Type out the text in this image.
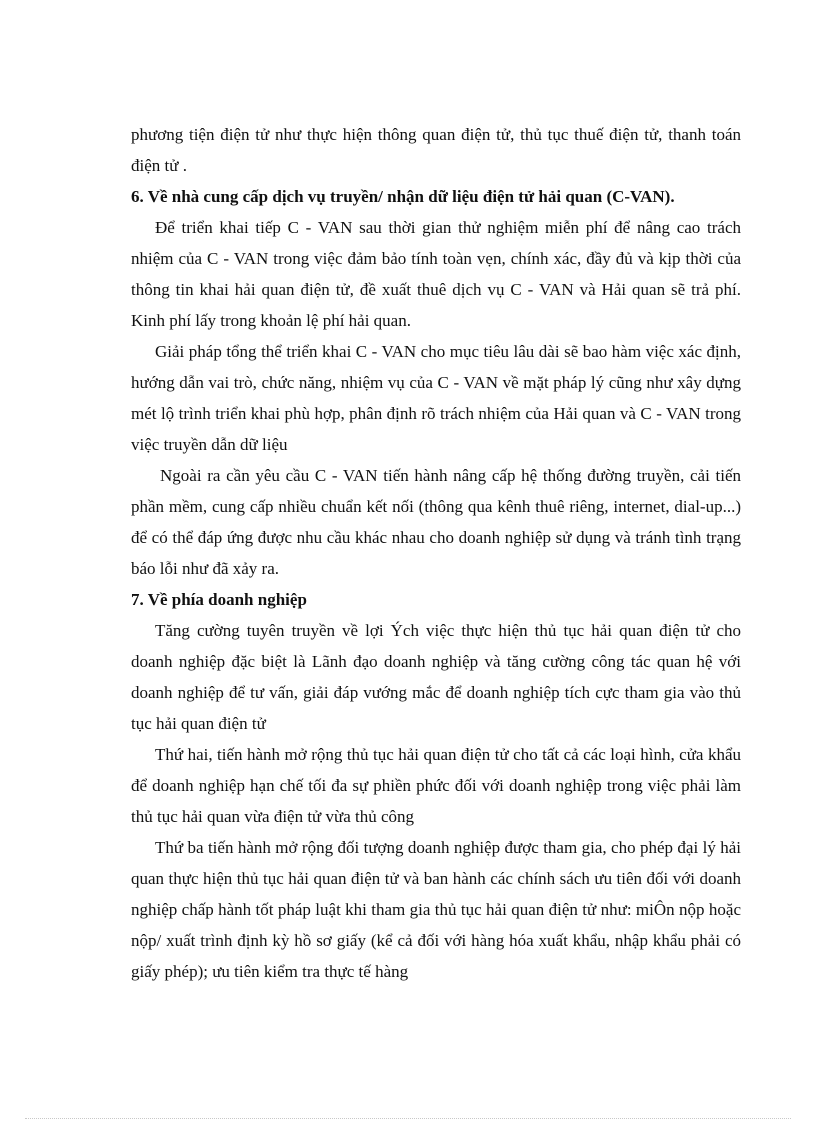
phương tiện điện tử như thực hiện thông quan điện tử, thủ tục thuế điện tử, thanh toán điện tử .

6. Về nhà cung cấp dịch vụ truyền/ nhận dữ liệu điện tử hải quan (C-VAN).

Để triển khai tiếp C - VAN sau thời gian thử nghiệm miễn phí để nâng cao trách nhiệm của C - VAN trong việc đảm bảo tính toàn vẹn, chính xác, đầy đủ và kịp thời của thông tin khai hải quan điện tử, đề xuất thuê dịch vụ C - VAN và Hải quan sẽ trả phí. Kinh phí lấy trong khoản lệ phí hải quan.

Giải pháp tổng thể triển khai C - VAN cho mục tiêu lâu dài sẽ bao hàm việc xác định, hướng dẫn vai trò, chức năng, nhiệm vụ của C - VAN về mặt pháp lý cũng như xây dựng mét lộ trình triển khai phù hợp, phân định rõ trách nhiệm của Hải quan và C - VAN trong việc truyền dẫn dữ liệu

Ngoài ra cần yêu cầu C - VAN tiến hành nâng cấp hệ thống đường truyền, cải tiến phần mềm, cung cấp nhiều chuẩn kết nối (thông qua kênh thuê riêng, internet, dial-up...) để có thể đáp ứng được nhu cầu khác nhau cho doanh nghiệp sử dụng và tránh tình trạng báo lỗi như đã xảy ra.

7. Về phía doanh nghiệp

Tăng cường tuyên truyền về lợi Ých việc thực hiện thủ tục hải quan điện tử cho doanh nghiệp đặc biệt là Lãnh đạo doanh nghiệp và tăng cường công tác quan hệ với doanh nghiệp để tư vấn, giải đáp vướng mắc để doanh nghiệp tích cực tham gia vào thủ tục hải quan điện tử

Thứ hai, tiến hành mở rộng thủ tục hải quan điện tử cho tất cả các loại hình, cửa khẩu để doanh nghiệp hạn chế tối đa sự phiền phức đối với doanh nghiệp trong việc phải làm thủ tục hải quan vừa điện tử vừa thủ công

Thứ ba tiến hành mở rộng đối tượng doanh nghiệp được tham gia, cho phép đại lý hải quan thực hiện thủ tục hải quan điện tử và ban hành các chính sách ưu tiên đối với doanh nghiệp chấp hành tốt pháp luật khi tham gia thủ tục hải quan điện tử như: miÔn nộp hoặc nộp/ xuất trình định kỳ hồ sơ giấy (kể cả đối với hàng hóa xuất khẩu, nhập khẩu phải có giấy phép); ưu tiên kiểm tra thực tế hàng
